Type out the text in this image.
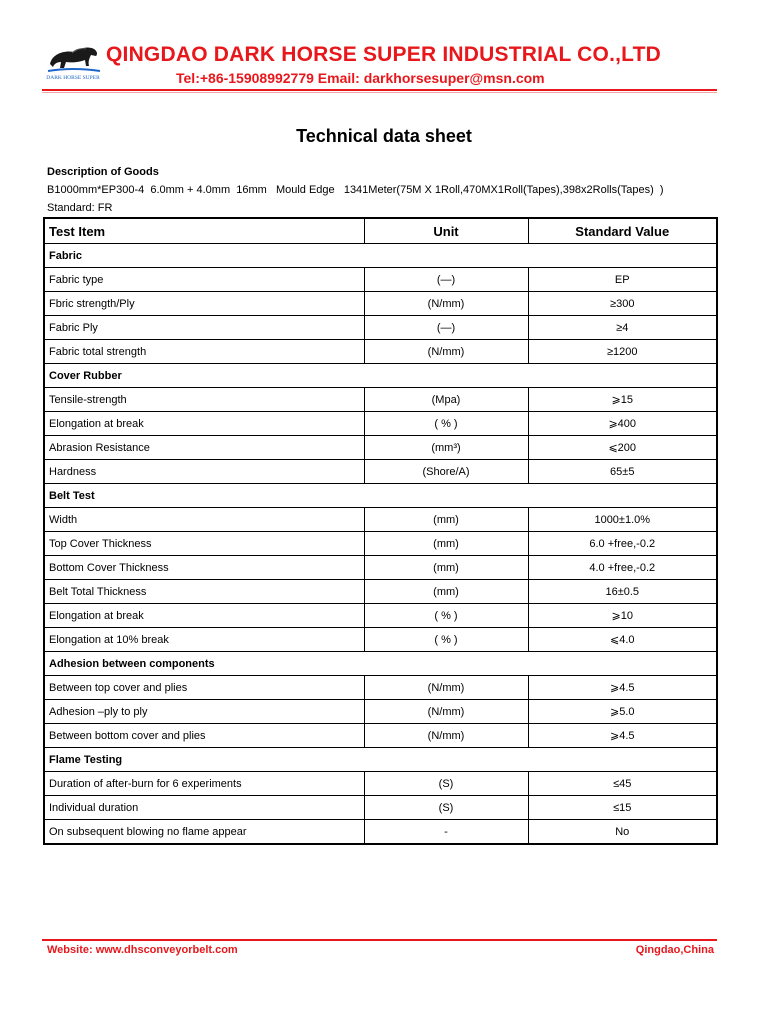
DARK HORSE SUPER
QINGDAO DARK HORSE SUPER INDUSTRIAL CO.,LTD
Tel:+86-15908992779 Email: darkhorsesuper@msn.com
Technical data sheet
Description of Goods
B1000mm*EP300-4  6.0mm + 4.0mm  16mm   Mould Edge   1341Meter(75M X 1Roll,470MX1Roll(Tapes),398x2Rolls(Tapes)  )
Standard: FR
Test Item	Unit	Standard Value
Fabric		
Fabric type	(—)	EP
Fbric strength/Ply	(N/mm)	≥300
Fabric Ply	(—)	≥4
Fabric total strength	(N/mm)	≥1200
Cover Rubber		
Tensile-strength	(Mpa)	⩾15
Elongation at break	( % )	⩾400
Abrasion Resistance	(mm³)	⩽200
Hardness	(Shore/A)	65±5
Belt Test		
Width	(mm)	1000±1.0%
Top Cover Thickness	(mm)	6.0 +free,-0.2
Bottom Cover Thickness	(mm)	4.0 +free,-0.2
Belt Total Thickness	(mm)	16±0.5
Elongation at break	( % )	⩾10
Elongation at 10% break	( % )	⩽4.0
Adhesion between components		
Between top cover and plies	(N/mm)	⩾4.5
Adhesion –ply to ply	(N/mm)	⩾5.0
Between bottom cover and plies	(N/mm)	⩾4.5
Flame Testing		
Duration of after-burn for 6 experiments	(S)	≤45
Individual duration	(S)	≤15
On subsequent blowing no flame appear	-	No
Website: www.dhsconveyorbelt.com	Qingdao,China
